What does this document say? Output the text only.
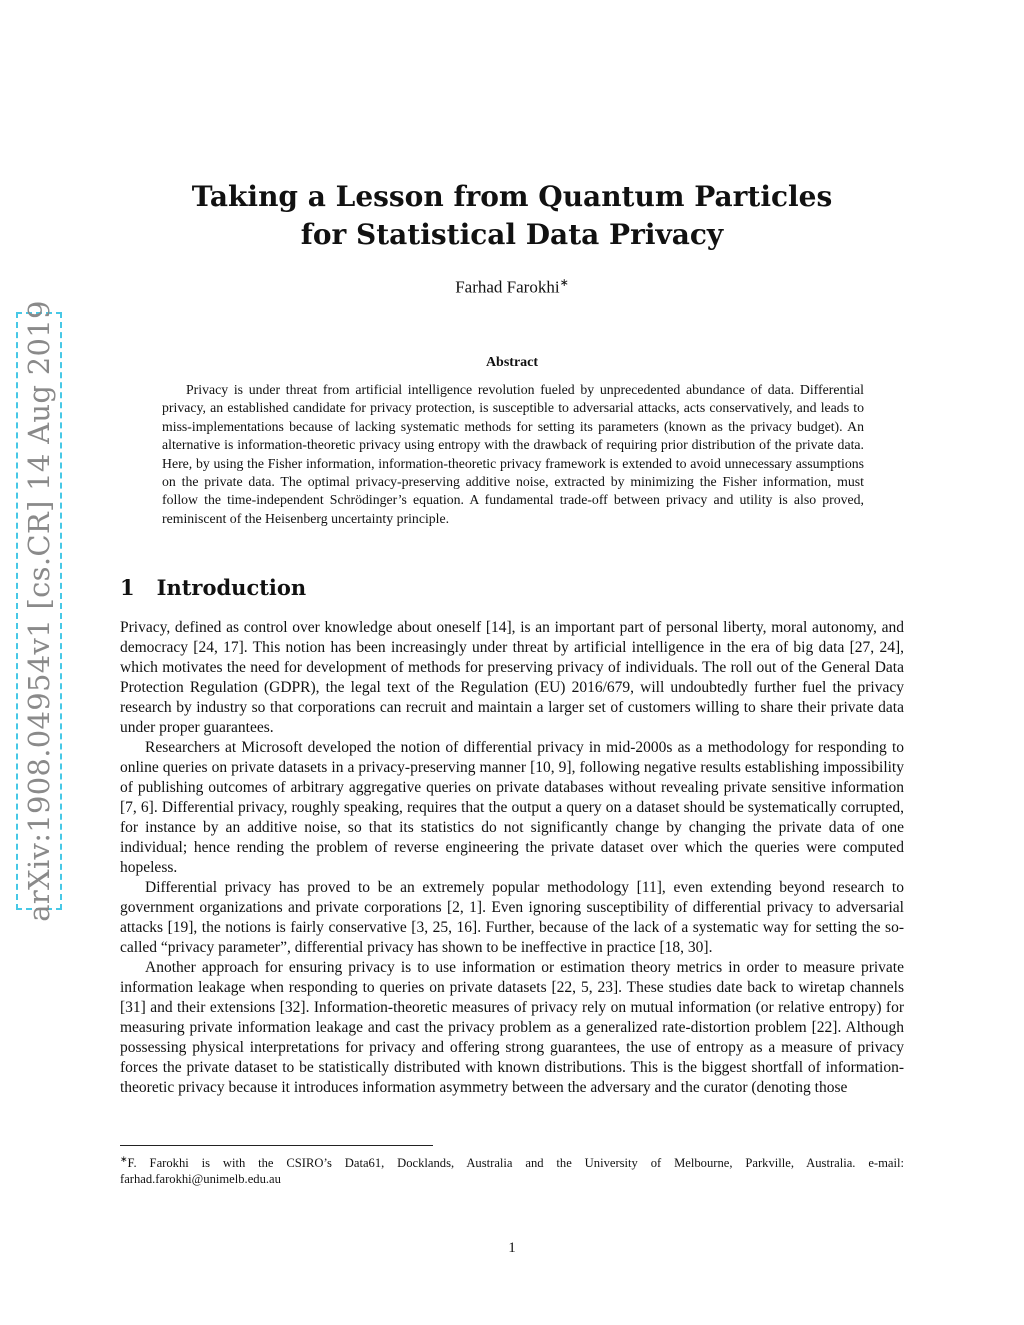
arXiv:1908.04954v1 [cs.CR] 14 Aug 2019
Taking a Lesson from Quantum Particles
for Statistical Data Privacy
Farhad Farokhi∗
Abstract

Privacy is under threat from artificial intelligence revolution fueled by unprecedented abundance of data. Differential privacy, an established candidate for privacy protection, is susceptible to adversarial attacks, acts conservatively, and leads to miss-implementations because of lacking systematic methods for setting its parameters (known as the privacy budget). An alternative is information-theoretic privacy using entropy with the drawback of requiring prior distribution of the private data. Here, by using the Fisher information, information-theoretic privacy framework is extended to avoid unnecessary assumptions on the private data. The optimal privacy-preserving additive noise, extracted by minimizing the Fisher information, must follow the time-independent Schrödinger’s equation. A fundamental trade-off between privacy and utility is also proved, reminiscent of the Heisenberg uncertainty principle.

1 Introduction

Privacy, defined as control over knowledge about oneself [14], is an important part of personal liberty, moral autonomy, and democracy [24, 17]. This notion has been increasingly under threat by artificial intelligence in the era of big data [27, 24], which motivates the need for development of methods for preserving privacy of individuals. The roll out of the General Data Protection Regulation (GDPR), the legal text of the Regulation (EU) 2016/679, will undoubtedly further fuel the privacy research by industry so that corporations can recruit and maintain a larger set of customers willing to share their private data under proper guarantees.

Researchers at Microsoft developed the notion of differential privacy in mid-2000s as a methodology for responding to online queries on private datasets in a privacy-preserving manner [10, 9], following negative results establishing impossibility of publishing outcomes of arbitrary aggregative queries on private databases without revealing private sensitive information [7, 6]. Differential privacy, roughly speaking, requires that the output a query on a dataset should be systematically corrupted, for instance by an additive noise, so that its statistics do not significantly change by changing the private data of one individual; hence rending the problem of reverse engineering the private dataset over which the queries were computed hopeless.

Differential privacy has proved to be an extremely popular methodology [11], even extending beyond research to government organizations and private corporations [2, 1]. Even ignoring susceptibility of differential privacy to adversarial attacks [19], the notions is fairly conservative [3, 25, 16]. Further, because of the lack of a systematic way for setting the so-called “privacy parameter”, differential privacy has shown to be ineffective in practice [18, 30].

Another approach for ensuring privacy is to use information or estimation theory metrics in order to measure private information leakage when responding to queries on private datasets [22, 5, 23]. These studies date back to wiretap channels [31] and their extensions [32]. Information-theoretic measures of privacy rely on mutual information (or relative entropy) for measuring private information leakage and cast the privacy problem as a generalized rate-distortion problem [22]. Although possessing physical interpretations for privacy and offering strong guarantees, the use of entropy as a measure of privacy forces the private dataset to be statistically distributed with known distributions. This is the biggest shortfall of information-theoretic privacy because it introduces information asymmetry between the adversary and the curator (denoting those

∗F. Farokhi is with the CSIRO’s Data61, Docklands, Australia and the University of Melbourne, Parkville, Australia. e-mail: farhad.farokhi@unimelb.edu.au

1
